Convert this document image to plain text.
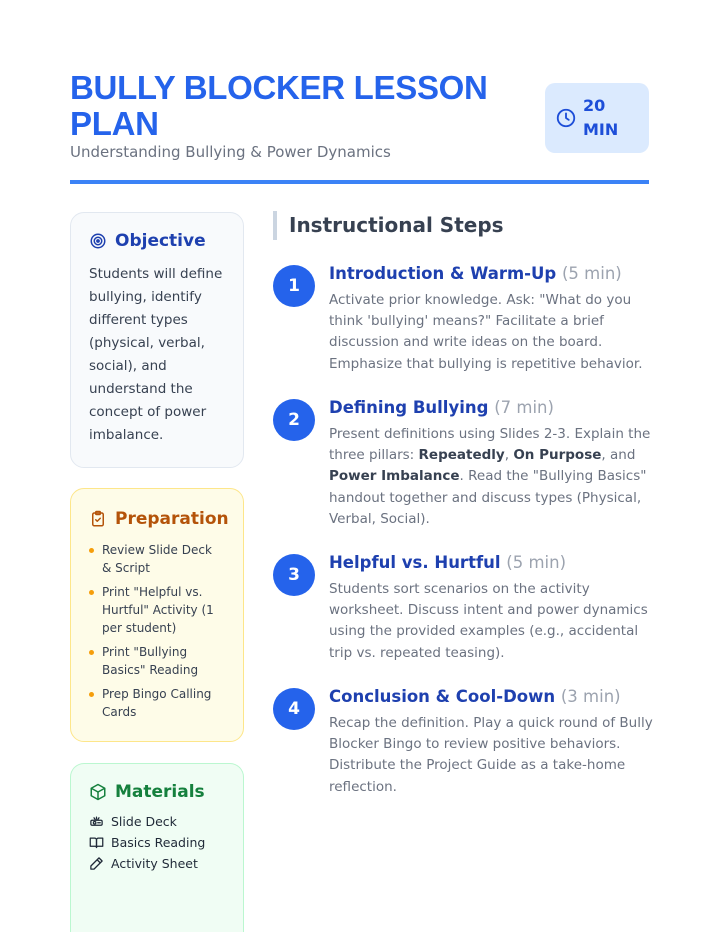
BULLY BLOCKER LESSON PLAN
Understanding Bullying & Power Dynamics
20 MIN
Objective

Students will define bullying, identify different types (physical, verbal, social), and understand the concept of power imbalance.

Preparation
Review Slide Deck & Script
Print "Helpful vs. Hurtful" Activity (1 per student)
Print "Bullying Basics" Reading
Prep Bingo Calling Cards
Materials
Slide Deck
Basics Reading
Activity Sheet
Instructional Steps
1
Introduction & Warm-Up (5 min)

Activate prior knowledge. Ask: "What do you think 'bullying' means?" Facilitate a brief discussion and write ideas on the board. Emphasize that bullying is repetitive behavior.

2
Defining Bullying (7 min)

Present definitions using Slides 2-3. Explain the three pillars: Repeatedly, On Purpose, and Power Imbalance. Read the "Bullying Basics" handout together and discuss types (Physical, Verbal, Social).

3
Helpful vs. Hurtful (5 min)

Students sort scenarios on the activity worksheet. Discuss intent and power dynamics using the provided examples (e.g., accidental trip vs. repeated teasing).

4
Conclusion & Cool-Down (3 min)

Recap the definition. Play a quick round of Bully Blocker Bingo to review positive behaviors. Distribute the Project Guide as a take-home reflection.
